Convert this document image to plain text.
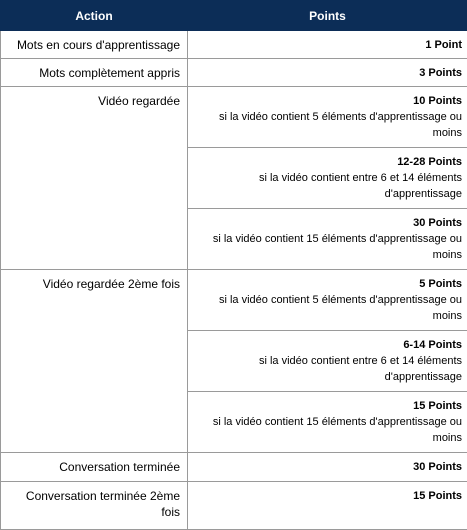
Action	Points
Mots en cours d'apprentissage	1 Point

Mots complètement appris	3 Points

Vidéo regardée	10 Points
si la vidéo contient 5 éléments d'apprentissage ou moins

	12-28 Points
si la vidéo contient entre 6 et 14 éléments d'apprentissage

	30 Points
si la vidéo contient 15 éléments d'apprentissage ou moins

Vidéo regardée 2ème fois	5 Points
si la vidéo contient 5 éléments d'apprentissage ou moins

	6-14 Points
si la vidéo contient entre 6 et 14 éléments d'apprentissage

	15 Points
si la vidéo contient 15 éléments d'apprentissage ou moins

Conversation terminée	30 Points

Conversation terminée 2ème fois	15 Points
